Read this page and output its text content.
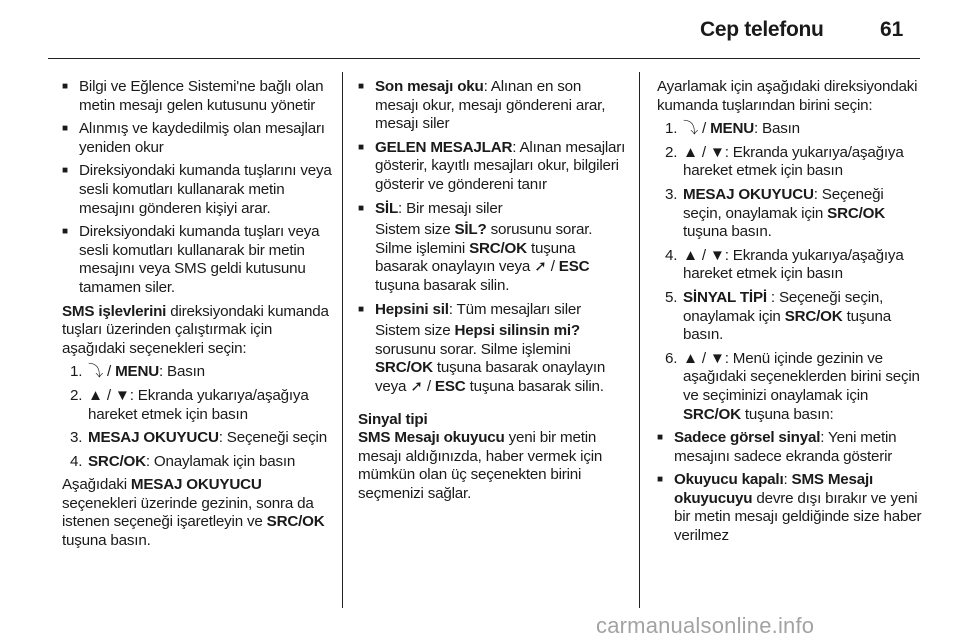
Cep telefonu	61
■ Bilgi ve Eğlence Sistemi'ne bağlı olan metin mesajı gelen kutusunu yönetir
■ Alınmış ve kaydedilmiş olan mesajları yeniden okur
■ Direksiyondaki kumanda tuşlarını veya sesli komutları kullanarak metin mesajını gönderen kişiyi arar.
■ Direksiyondaki kumanda tuşları veya sesli komutları kullanarak bir metin mesajını veya SMS geldi kutusunu tamamen siler.
SMS işlevlerini direksiyondaki kumanda tuşları üzerinden çalıştırmak için aşağıdaki seçenekleri seçin:
1. ⤵ / MENU: Basın
2. ▲ / ▼: Ekranda yukarıya/aşağıya hareket etmek için basın
3. MESAJ OKUYUCU: Seçeneği seçin
4. SRC/OK: Onaylamak için basın
Aşağıdaki MESAJ OKUYUCU seçenekleri üzerinde gezinin, sonra da istenen seçeneği işaretleyin ve SRC/OK tuşuna basın.
■ Son mesajı oku: Alınan en son mesajı okur, mesajı göndereni arar, mesajı siler
■ GELEN MESAJLAR: Alınan mesajları gösterir, kayıtlı mesajları okur, bilgileri gösterir ve göndereni tanır
■ SİL: Bir mesajı siler
Sistem size SİL? sorusunu sorar. Silme işlemini SRC/OK tuşuna basarak onaylayın veya ➚ / ESC tuşuna basarak silin.
■ Hepsini sil: Tüm mesajları siler
Sistem size Hepsi silinsin mi? sorusunu sorar. Silme işlemini SRC/OK tuşuna basarak onaylayın veya ➚ / ESC tuşuna basarak silin.
Sinyal tipi
SMS Mesajı okuyucu yeni bir metin mesajı aldığınızda, haber vermek için mümkün olan üç seçenekten birini seçmenizi sağlar.
Ayarlamak için aşağıdaki direksiyondaki kumanda tuşlarından birini seçin:
1. ⤵ / MENU: Basın
2. ▲ / ▼: Ekranda yukarıya/aşağıya hareket etmek için basın
3. MESAJ OKUYUCU: Seçeneği seçin, onaylamak için SRC/OK tuşuna basın.
4. ▲ / ▼: Ekranda yukarıya/aşağıya hareket etmek için basın
5. SİNYAL TİPİ : Seçeneği seçin, onaylamak için SRC/OK tuşuna basın.
6. ▲ / ▼: Menü içinde gezinin ve aşağıdaki seçeneklerden birini seçin ve seçiminizi onaylamak için SRC/OK tuşuna basın:
■ Sadece görsel sinyal: Yeni metin mesajını sadece ekranda gösterir
■ Okuyucu kapalı: SMS Mesajı okuyucuyu devre dışı bırakır ve yeni bir metin mesajı geldiğinde size haber verilmez
carmanualsonline.info
